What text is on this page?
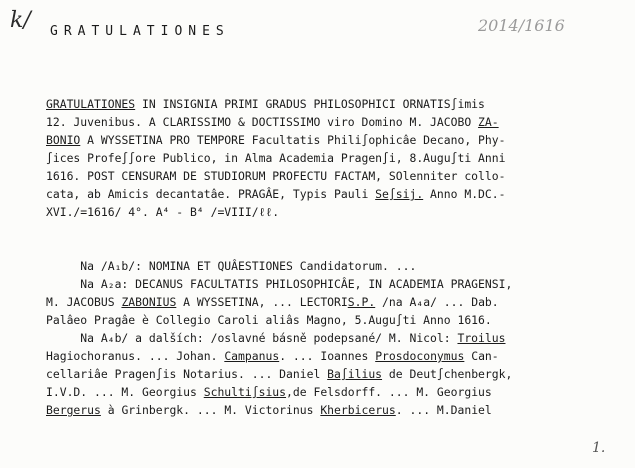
k/ GRATULATIONES	2014/1616
GRATULATIONES IN INSIGNIA PRIMI GRADUS PHILOSOPHICI ORNATIS∫imis
12. Juvenibus. A CLARISSIMO & DOCTISSIMO viro Domino M. JACOBO ZA-
BONIO A WYSSETINA PRO TEMPORE Facultatis Phili∫ophicâe Decano, Phy-
∫ices Profe∫∫ore Publico, in Alma Academia Pragen∫i, 8.Augu∫ti Anni
1616. POST CENSURAM DE STUDIORUM PROFECTU FACTAM, SOlenniter collo-
cata, ab Amicis decantatâe. PRAGÂE, Typis Pauli Se∫sij. Anno M.DC.-
XVI./=1616/ 4°. A⁴ - B⁴ /=VIII/ℓℓ.
Na /A₁b/: NOMINA ET QUÂESTIONES Candidatorum. ...
Na A₂a: DECANUS FACULTATIS PHILOSOPHICÂE, IN ACADEMIA PRAGENSI,
M. JACOBUS ZABONIUS A WYSSETINA, ... LECTORIS.P. /na A₄a/ ... Dab.
Palâeo Pragâe è Collegio Caroli aliâs Magno, 5.Augu∫ti Anno 1616.
Na A₄b/ a dalších: /oslavné básně podepsané/ M. Nicol: Troilus
Hagiochoranus. ... Johan. Campanus. ... Ioannes Prosdoconymus Can-
cellariâe Pragen∫is Notarius. ... Daniel Ba∫ilius de Deut∫chenbergk,
I.V.D. ... M. Georgius Schulti∫sius,de Felsdorff. ... M. Georgius
Bergerus à Grinbergk. ... M. Victorinus Kherbicerus. ... M.Daniel
1.
